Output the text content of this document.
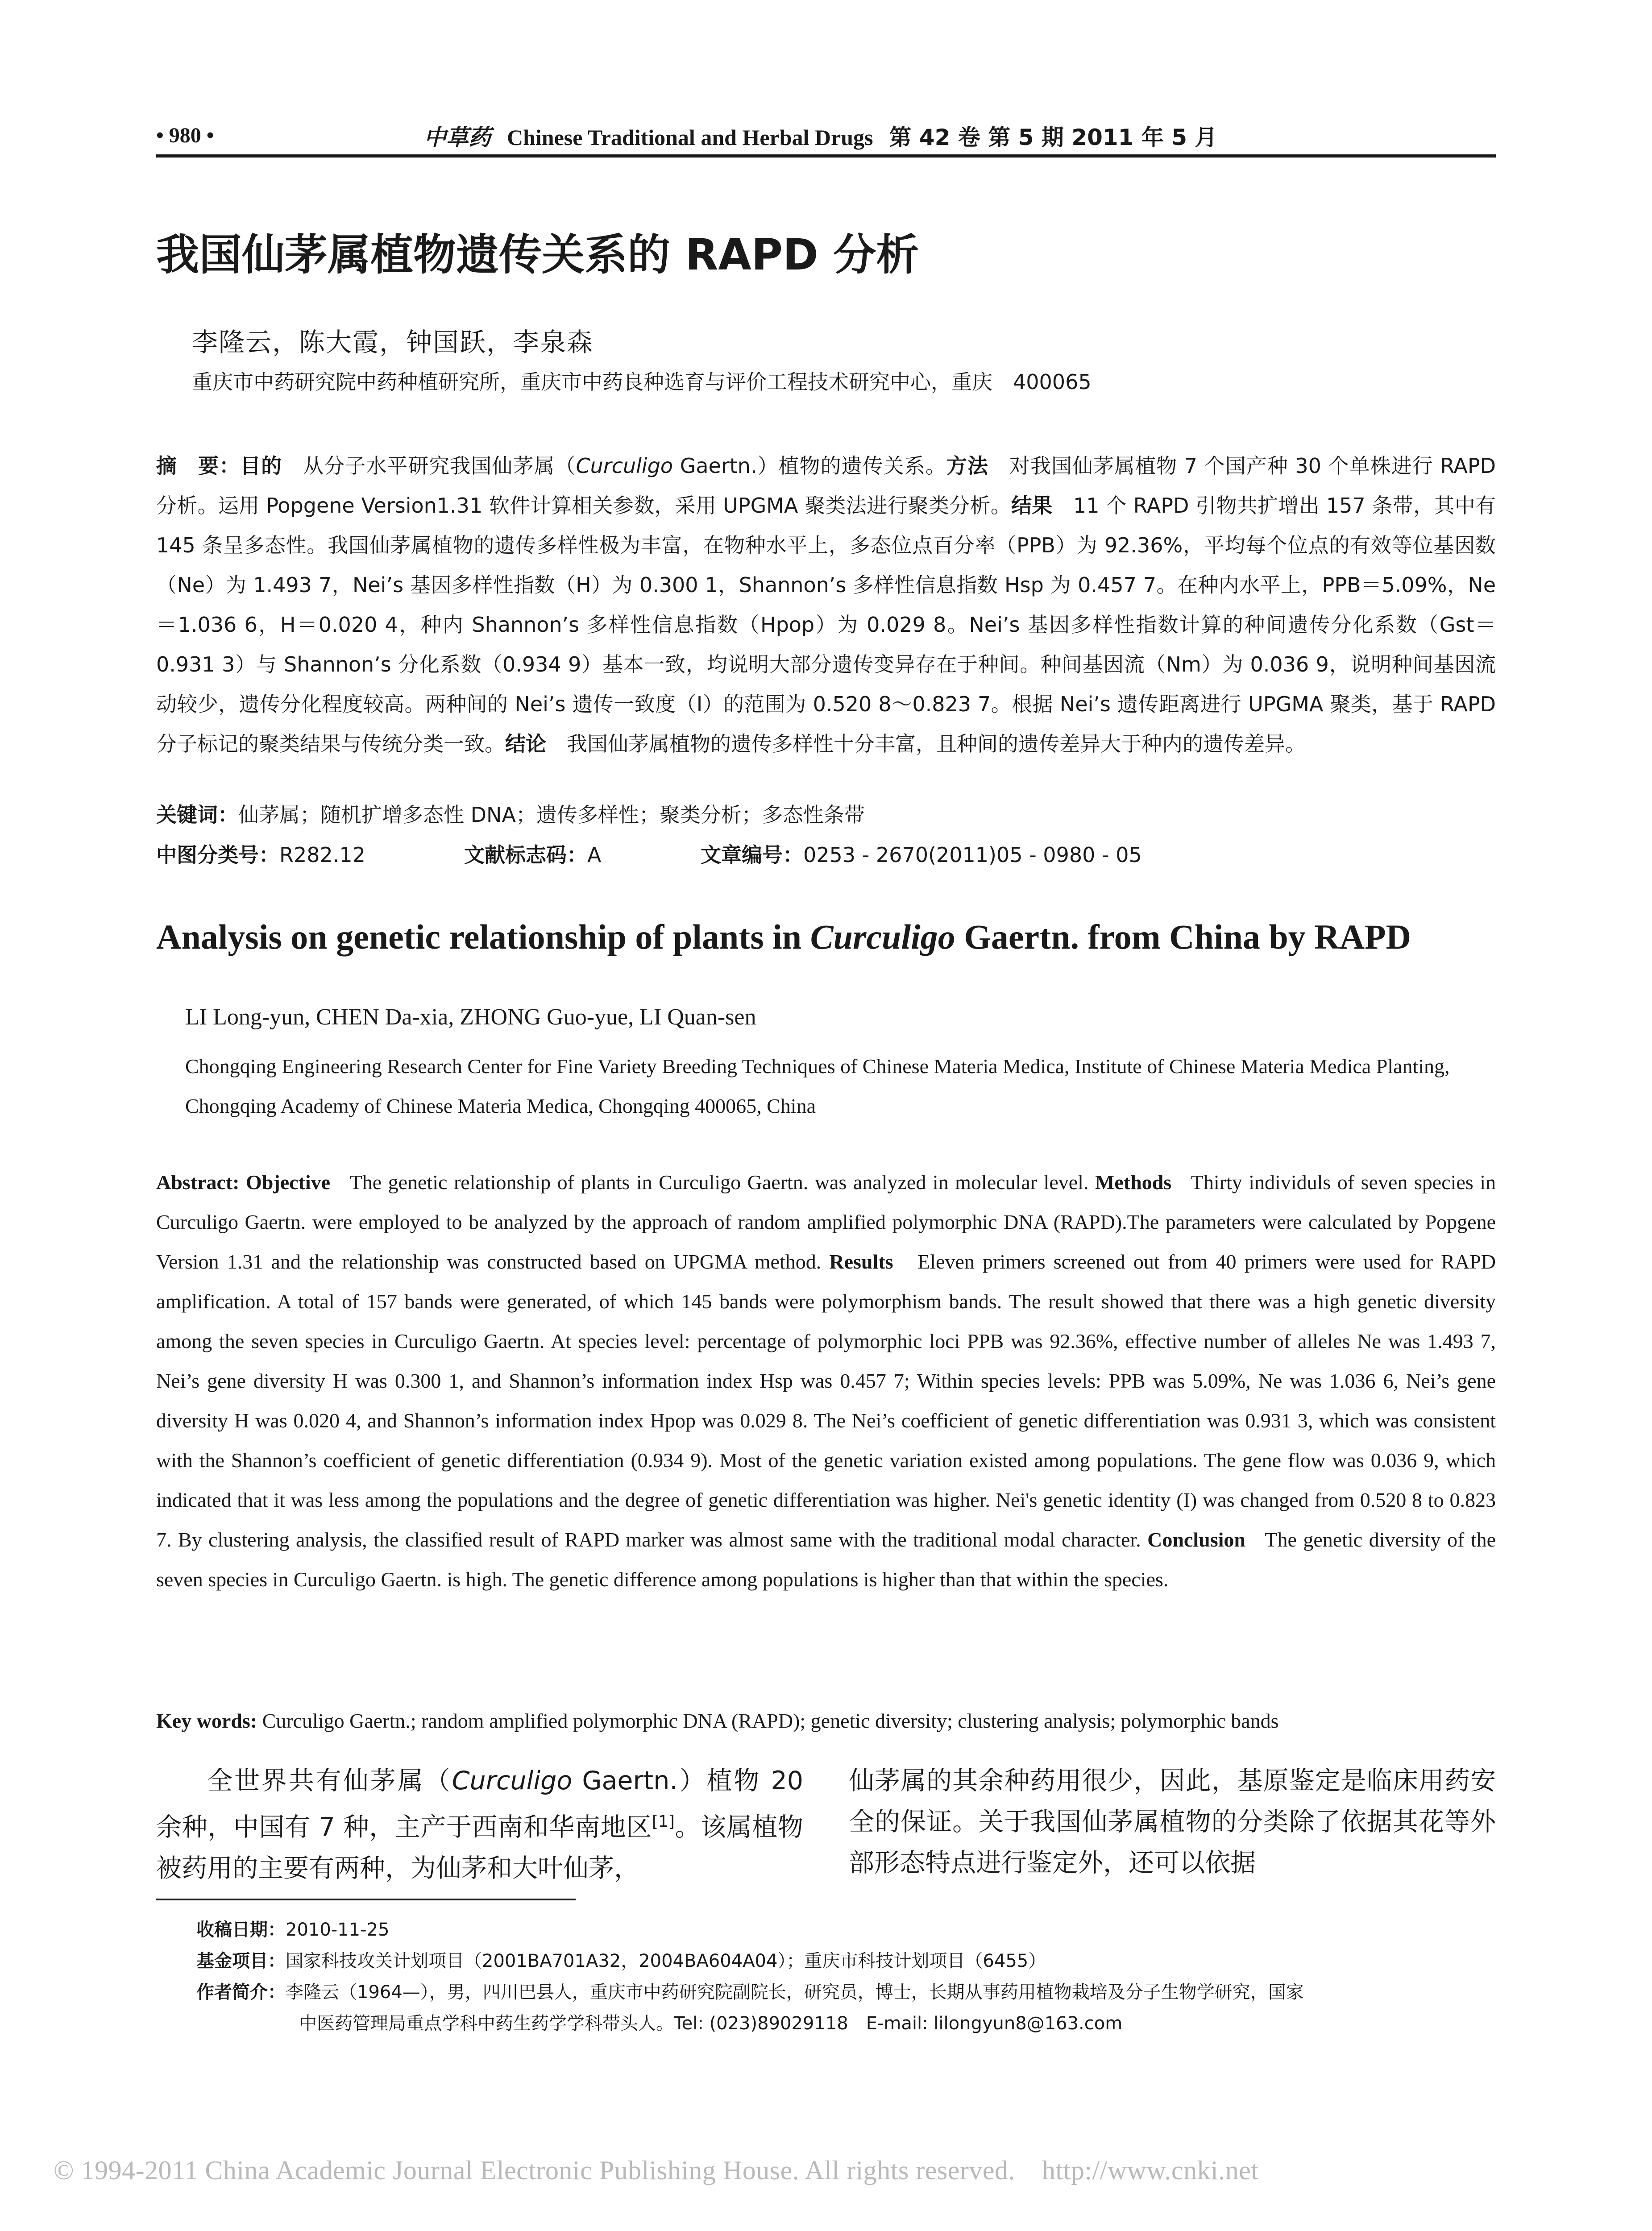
• 980 •	中草药 Chinese Traditional and Herbal Drugs 第 42 卷 第 5 期 2011 年 5 月
我国仙茅属植物遗传关系的 RAPD 分析
李隆云，陈大霞，钟国跃，李泉森
重庆市中药研究院中药种植研究所，重庆市中药良种选育与评价工程技术研究中心，重庆　400065
摘　要：目的　 从分子水平研究我国仙茅属（Curculigo Gaertn.）植物的遗传关系。方法　 对我国仙茅属植物 7 个国产种 30 个单株进行 RAPD 分析。运用 Popgene Version1.31 软件计算相关参数，采用 UPGMA 聚类法进行聚类分析。结果　 11 个 RAPD 引物共扩增出 157 条带，其中有 145 条呈多态性。我国仙茅属植物的遗传多样性极为丰富，在物种水平上，多态位点百分率（PPB）为 92.36%，平均每个位点的有效等位基因数（Ne）为 1.493 7，Nei’s 基因多样性指数（H）为 0.300 1，Shannon’s 多样性信息指数 Hsp 为 0.457 7。在种内水平上，PPB＝5.09%，Ne＝1.036 6，H＝0.020 4，种内 Shannon’s 多样性信息指数（Hpop）为 0.029 8。Nei’s 基因多样性指数计算的种间遗传分化系数（Gst＝0.931 3）与 Shannon’s 分化系数（0.934 9）基本一致，均说明大部分遗传变异存在于种间。种间基因流（Nm）为 0.036 9，说明种间基因流动较少，遗传分化程度较高。两种间的 Nei’s 遗传一致度（I）的范围为 0.520 8～0.823 7。根据 Nei’s 遗传距离进行 UPGMA 聚类，基于 RAPD 分子标记的聚类结果与传统分类一致。结论　 我国仙茅属植物的遗传多样性十分丰富，且种间的遗传差异大于种内的遗传差异。
关键词：仙茅属；随机扩增多态性 DNA；遗传多样性；聚类分析；多态性条带
中图分类号：R282.12	文献标志码：A	文章编号：0253 - 2670(2011)05 - 0980 - 05
Analysis on genetic relationship of plants in Curculigo Gaertn. from China by RAPD
LI Long-yun, CHEN Da-xia, ZHONG Guo-yue, LI Quan-sen
Chongqing Engineering Research Center for Fine Variety Breeding Techniques of Chinese Materia Medica, Institute of Chinese Materia Medica Planting, Chongqing Academy of Chinese Materia Medica, Chongqing 400065, China
Abstract: Objective The genetic relationship of plants in Curculigo Gaertn. was analyzed in molecular level. Methods Thirty individuls of seven species in Curculigo Gaertn. were employed to be analyzed by the approach of random amplified polymorphic DNA (RAPD).The parameters were calculated by Popgene Version 1.31 and the relationship was constructed based on UPGMA method. Results Eleven primers screened out from 40 primers were used for RAPD amplification. A total of 157 bands were generated, of which 145 bands were polymorphism bands. The result showed that there was a high genetic diversity among the seven species in Curculigo Gaertn. At species level: percentage of polymorphic loci PPB was 92.36%, effective number of alleles Ne was 1.493 7, Nei’s gene diversity H was 0.300 1, and Shannon’s information index Hsp was 0.457 7; Within species levels: PPB was 5.09%, Ne was 1.036 6, Nei’s gene diversity H was 0.020 4, and Shannon’s information index Hpop was 0.029 8. The Nei’s coefficient of genetic differentiation was 0.931 3, which was consistent with the Shannon’s coefficient of genetic differentiation (0.934 9). Most of the genetic variation existed among populations. The gene flow was 0.036 9, which indicated that it was less among the populations and the degree of genetic differentiation was higher. Nei's genetic identity (I) was changed from 0.520 8 to 0.823 7. By clustering analysis, the classified result of RAPD marker was almost same with the traditional modal character. Conclusion The genetic diversity of the seven species in Curculigo Gaertn. is high. The genetic difference among populations is higher than that within the species.
Key words: Curculigo Gaertn.; random amplified polymorphic DNA (RAPD); genetic diversity; clustering analysis; polymorphic bands
全世界共有仙茅属（Curculigo Gaertn.）植物 20 余种，中国有 7 种，主产于西南和华南地区[1]。该属植物被药用的主要有两种，为仙茅和大叶仙茅，
仙茅属的其余种药用很少，因此，基原鉴定是临床用药安全的保证。关于我国仙茅属植物的分类除了依据其花等外部形态特点进行鉴定外，还可以依据
收稿日期：2010-11-25
基金项目：国家科技攻关计划项目（2001BA701A32，2004BA604A04）；重庆市科技计划项目（6455）
作者简介：李隆云（1964—），男，四川巴县人，重庆市中药研究院副院长，研究员，博士，长期从事药用植物栽培及分子生物学研究，国家
中医药管理局重点学科中药生药学学科带头人。Tel: (023)89029118　E-mail: lilongyun8@163.com
© 1994-2011 China Academic Journal Electronic Publishing House. All rights reserved. http://www.cnki.net
